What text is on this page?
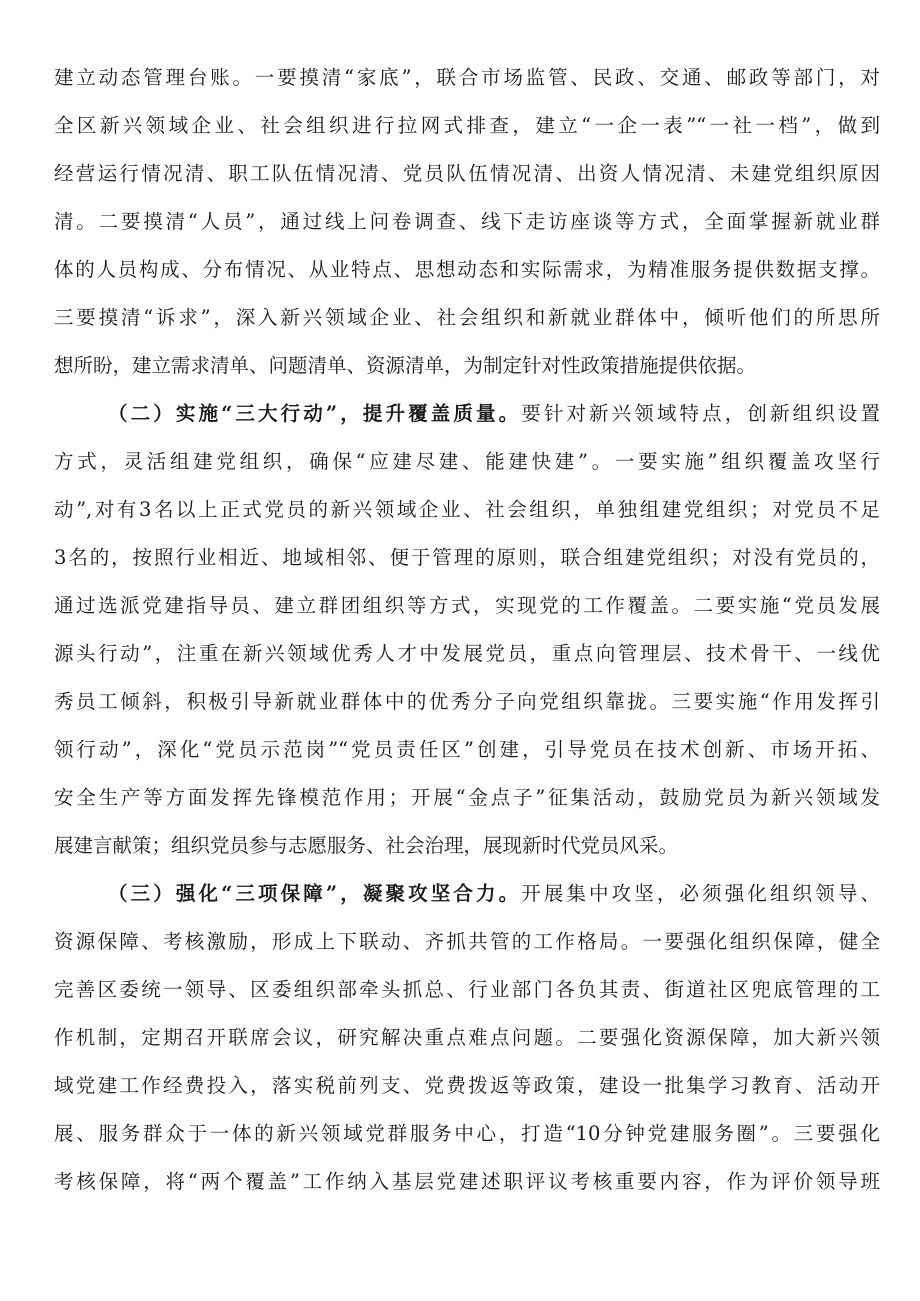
建立动态管理台账。一要摸清“家底”，联合市场监管、民政、交通、邮政等部门，对
全区新兴领域企业、社会组织进行拉网式排查，建立“一企一表”“一社一档”，做到
经营运行情况清、职工队伍情况清、党员队伍情况清、出资人情况清、未建党组织原因
清。二要摸清“人员”，通过线上问卷调查、线下走访座谈等方式，全面掌握新就业群
体的人员构成、分布情况、从业特点、思想动态和实际需求，为精准服务提供数据支撑。
三要摸清“诉求”，深入新兴领域企业、社会组织和新就业群体中，倾听他们的所思所
想所盼，建立需求清单、问题清单、资源清单，为制定针对性政策措施提供依据。
（二）实施“三大行动”，提升覆盖质量。要针对新兴领域特点，创新组织设置
方式，灵活组建党组织，确保“应建尽建、能建快建”。一要实施”组织覆盖攻坚行
动”,对有3名以上正式党员的新兴领域企业、社会组织，单独组建党组织；对党员不足
3名的，按照行业相近、地域相邻、便于管理的原则，联合组建党组织；对没有党员的，
通过选派党建指导员、建立群团组织等方式，实现党的工作覆盖。二要实施“党员发展
源头行动”，注重在新兴领域优秀人才中发展党员，重点向管理层、技术骨干、一线优
秀员工倾斜，积极引导新就业群体中的优秀分子向党组织靠拢。三要实施“作用发挥引
领行动”，深化“党员示范岗”“党员责任区”创建，引导党员在技术创新、市场开拓、
安全生产等方面发挥先锋模范作用；开展“金点子”征集活动，鼓励党员为新兴领域发
展建言献策；组织党员参与志愿服务、社会治理，展现新时代党员风采。
（三）强化“三项保障”，凝聚攻坚合力。开展集中攻坚，必须强化组织领导、
资源保障、考核激励，形成上下联动、齐抓共管的工作格局。一要强化组织保障，健全
完善区委统一领导、区委组织部牵头抓总、行业部门各负其责、街道社区兜底管理的工
作机制，定期召开联席会议，研究解决重点难点问题。二要强化资源保障，加大新兴领
域党建工作经费投入，落实税前列支、党费拨返等政策，建设一批集学习教育、活动开
展、服务群众于一体的新兴领域党群服务中心，打造“10分钟党建服务圈”。三要强化
考核保障，将“两个覆盖”工作纳入基层党建述职评议考核重要内容，作为评价领导班
